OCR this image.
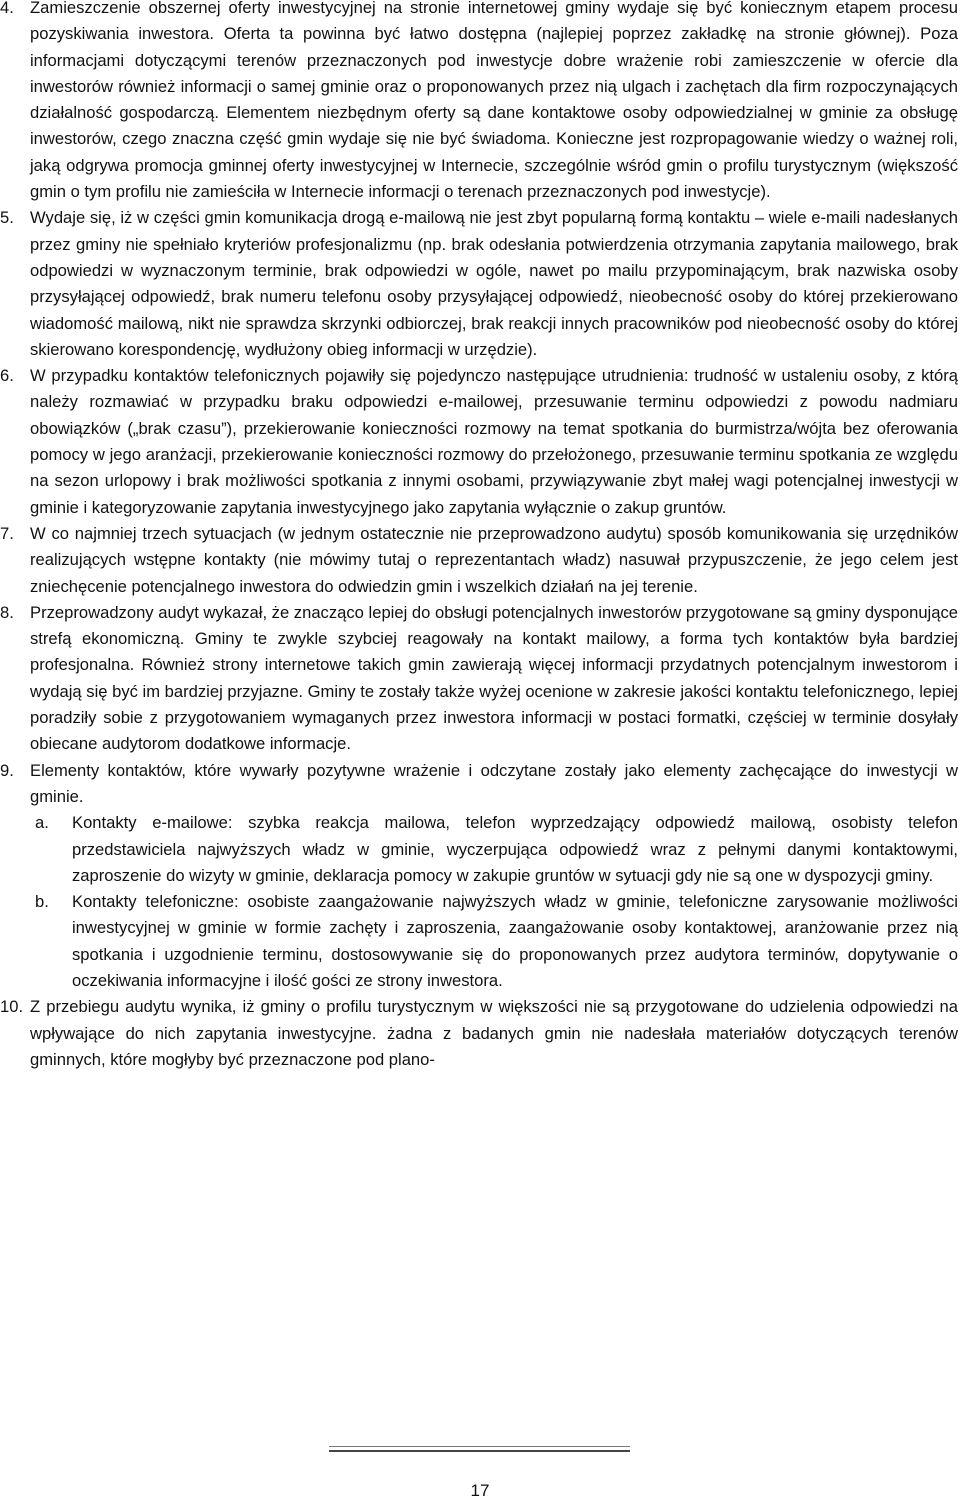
4. Zamieszczenie obszernej oferty inwestycyjnej na stronie internetowej gminy wydaje się być koniecznym etapem procesu pozyskiwania inwestora. Oferta ta powinna być łatwo dostępna (najlepiej poprzez zakładkę na stronie głównej). Poza informacjami dotyczącymi terenów przeznaczonych pod inwestycje dobre wrażenie robi zamieszczenie w ofercie dla inwestorów również informacji o samej gminie oraz o proponowanych przez nią ulgach i zachętach dla firm rozpoczynających działalność gospodarczą. Elementem niezbędnym oferty są dane kontaktowe osoby odpowiedzialnej w gminie za obsługę inwestorów, czego znaczna część gmin wydaje się nie być świadoma. Konieczne jest rozpropagowanie wiedzy o ważnej roli, jaką odgrywa promocja gminnej oferty inwestycyjnej w Internecie, szczególnie wśród gmin o profilu turystycznym (większość gmin o tym profilu nie zamieściła w Internecie informacji o terenach przeznaczonych pod inwestycje).
5. Wydaje się, iż w części gmin komunikacja drogą e-mailową nie jest zbyt popularną formą kontaktu – wiele e-maili nadesłanych przez gminy nie spełniało kryteriów profesjonalizmu (np. brak odesłania potwierdzenia otrzymania zapytania mailowego, brak odpowiedzi w wyznaczonym terminie, brak odpowiedzi w ogóle, nawet po mailu przypominającym, brak nazwiska osoby przysyłającej odpowiedź, brak numeru telefonu osoby przysyłającej odpowiedź, nieobecność osoby do której przekierowano wiadomość mailową, nikt nie sprawdza skrzynki odbiorczej, brak reakcji innych pracowników pod nieobecność osoby do której skierowano korespondencję, wydłużony obieg informacji w urzędzie).
6. W przypadku kontaktów telefonicznych pojawiły się pojedynczo następujące utrudnienia: trudność w ustaleniu osoby, z którą należy rozmawiać w przypadku braku odpowiedzi e-mailowej, przesuwanie terminu odpowiedzi z powodu nadmiaru obowiązków („brak czasu”), przekierowanie konieczności rozmowy na temat spotkania do burmistrza/wójta bez oferowania pomocy w jego aranżacji, przekierowanie konieczności rozmowy do przełożonego, przesuwanie terminu spotkania ze względu na sezon urlopowy i brak możliwości spotkania z innymi osobami, przywiązywanie zbyt małej wagi potencjalnej inwestycji w gminie i kategoryzowanie zapytania inwestycyjnego jako zapytania wyłącznie o zakup gruntów.
7. W co najmniej trzech sytuacjach (w jednym ostatecznie nie przeprowadzono audytu) sposób komunikowania się urzędników realizujących wstępne kontakty (nie mówimy tutaj o reprezentantach władz) nasuwał przypuszczenie, że jego celem jest zniechęcenie potencjalnego inwestora do odwiedzin gmin i wszelkich działań na jej terenie.
8. Przeprowadzony audyt wykazał, że znacząco lepiej do obsługi potencjalnych inwestorów przygotowane są gminy dysponujące strefą ekonomiczną. Gminy te zwykle szybciej reagowały na kontakt mailowy, a forma tych kontaktów była bardziej profesjonalna. Również strony internetowe takich gmin zawierają więcej informacji przydatnych potencjalnym inwestorom i wydają się być im bardziej przyjazne. Gminy te zostały także wyżej ocenione w zakresie jakości kontaktu telefonicznego, lepiej poradziły sobie z przygotowaniem wymaganych przez inwestora informacji w postaci formatki, częściej w terminie dosyłały obiecane audytorom dodatkowe informacje.
9. Elementy kontaktów, które wywarły pozytywne wrażenie i odczytane zostały jako elementy zachęcające do inwestycji w gminie.
a. Kontakty e-mailowe: szybka reakcja mailowa, telefon wyprzedzający odpowiedź mailową, osobisty telefon przedstawiciela najwyższych władz w gminie, wyczerpująca odpowiedź wraz z pełnymi danymi kontaktowymi, zaproszenie do wizyty w gminie, deklaracja pomocy w zakupie gruntów w sytuacji gdy nie są one w dyspozycji gminy.
b. Kontakty telefoniczne: osobiste zaangażowanie najwyższych władz w gminie, telefoniczne zarysowanie możliwości inwestycyjnej w gminie w formie zachęty i zaproszenia, zaangażowanie osoby kontaktowej, aranżowanie przez nią spotkania i uzgodnienie terminu, dostosowywanie się do proponowanych przez audytora terminów, dopytywanie o oczekiwania informacyjne i ilość gości ze strony inwestora.
10. Z przebiegu audytu wynika, iż gminy o profilu turystycznym w większości nie są przygotowane do udzielenia odpowiedzi na wpływające do nich zapytania inwestycyjne. żadna z badanych gmin nie nadesłała materiałów dotyczących terenów gminnych, które mogłyby być przeznaczone pod plano-
17
